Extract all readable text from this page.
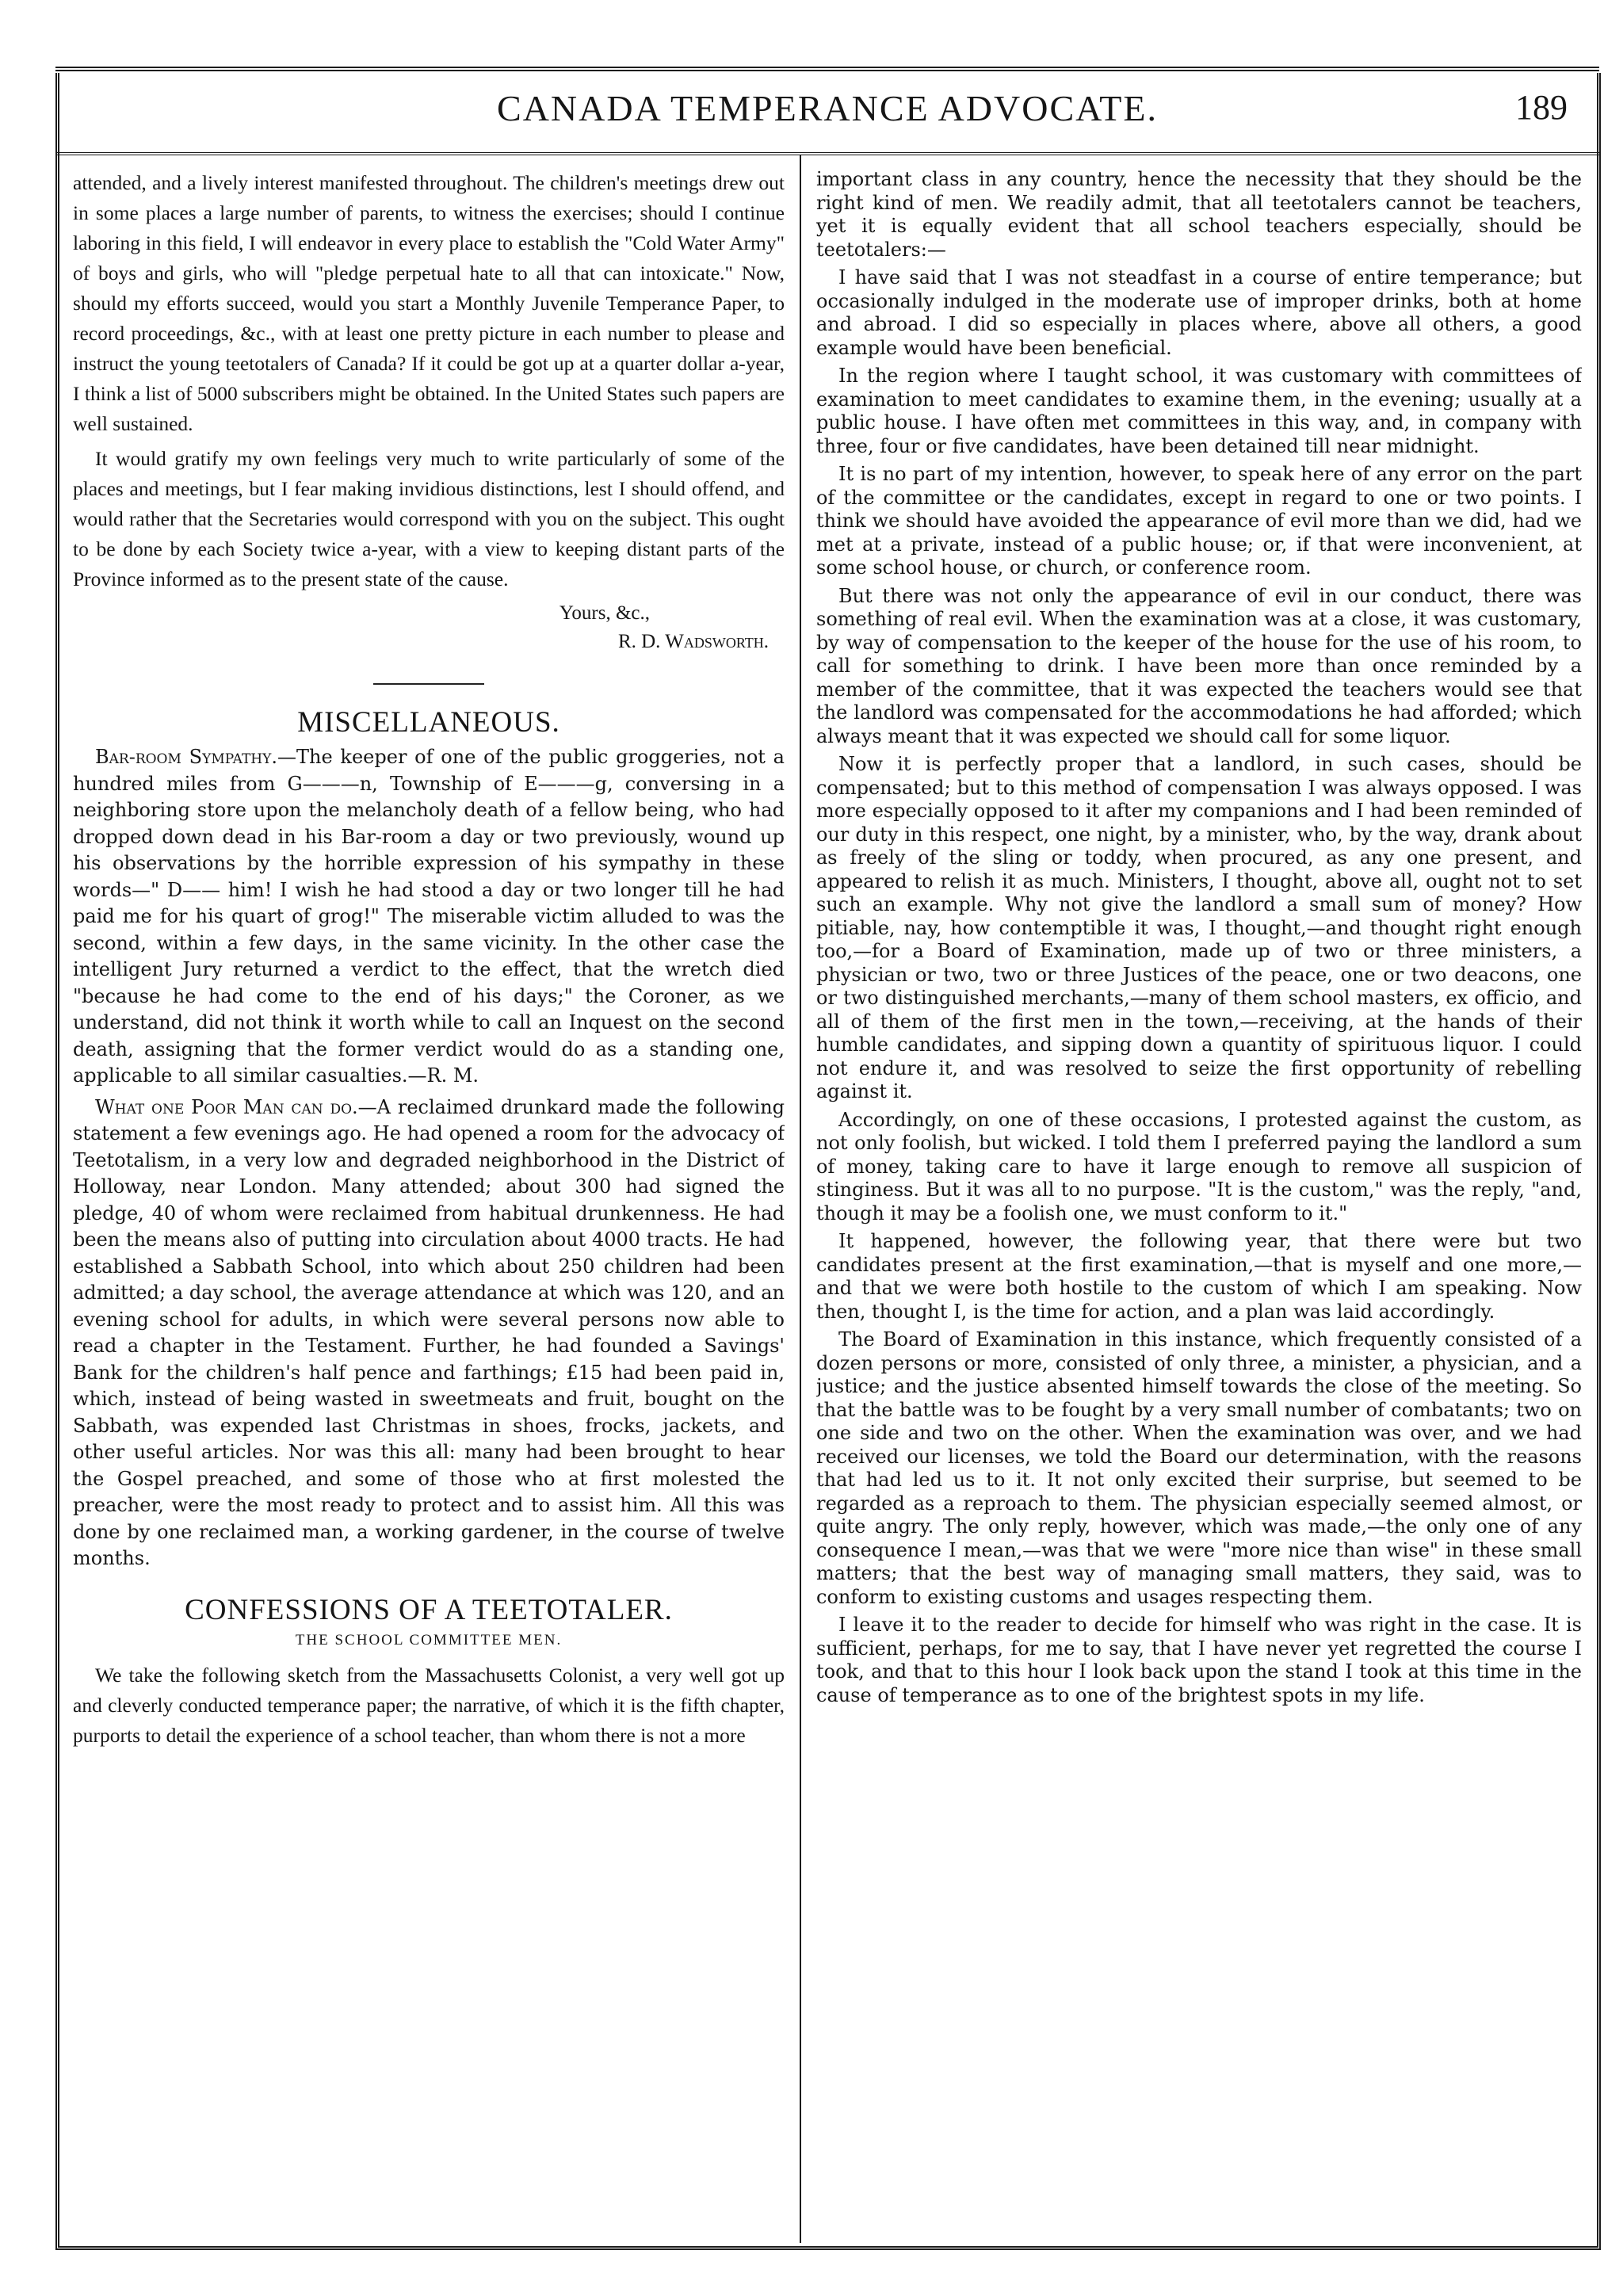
CANADA TEMPERANCE ADVOCATE.	189

attended, and a lively interest manifested throughout. The children's meetings drew out in some places a large number of parents, to witness the exercises; should I continue laboring in this field, I will endeavor in every place to establish the "Cold Water Army" of boys and girls, who will "pledge perpetual hate to all that can intoxicate." Now, should my efforts succeed, would you start a Monthly Juvenile Temperance Paper, to record proceedings, &c., with at least one pretty picture in each number to please and instruct the young teetotalers of Canada? If it could be got up at a quarter dollar a-year, I think a list of 5000 subscribers might be obtained. In the United States such papers are well sustained.

It would gratify my own feelings very much to write particularly of some of the places and meetings, but I fear making invidious distinctions, lest I should offend, and would rather that the Secretaries would correspond with you on the subject. This ought to be done by each Society twice a-year, with a view to keeping distant parts of the Province informed as to the present state of the cause.

Yours, &c.,
R. D. Wadsworth.
MISCELLANEOUS.

Bar-room Sympathy.—The keeper of one of the public groggeries, not a hundred miles from G———n, Township of E———g, conversing in a neighboring store upon the melancholy death of a fellow being, who had dropped down dead in his Bar-room a day or two previously, wound up his observations by the horrible expression of his sympathy in these words—" D—— him! I wish he had stood a day or two longer till he had paid me for his quart of grog!" The miserable victim alluded to was the second, within a few days, in the same vicinity. In the other case the intelligent Jury returned a verdict to the effect, that the wretch died "because he had come to the end of his days;" the Coroner, as we understand, did not think it worth while to call an Inquest on the second death, assigning that the former verdict would do as a standing one, applicable to all similar casualties.—R. M.

What one Poor Man can do.—A reclaimed drunkard made the following statement a few evenings ago. He had opened a room for the advocacy of Teetotalism, in a very low and degraded neighborhood in the District of Holloway, near London. Many attended; about 300 had signed the pledge, 40 of whom were reclaimed from habitual drunkenness. He had been the means also of putting into circulation about 4000 tracts. He had established a Sabbath School, into which about 250 children had been admitted; a day school, the average attendance at which was 120, and an evening school for adults, in which were several persons now able to read a chapter in the Testament. Further, he had founded a Savings' Bank for the children's half pence and farthings; £15 had been paid in, which, instead of being wasted in sweetmeats and fruit, bought on the Sabbath, was expended last Christmas in shoes, frocks, jackets, and other useful articles. Nor was this all: many had been brought to hear the Gospel preached, and some of those who at first molested the preacher, were the most ready to protect and to assist him. All this was done by one reclaimed man, a working gardener, in the course of twelve months.

CONFESSIONS OF A TEETOTALER.
THE SCHOOL COMMITTEE MEN.

We take the following sketch from the Massachusetts Colonist, a very well got up and cleverly conducted temperance paper; the narrative, of which it is the fifth chapter, purports to detail the experience of a school teacher, than whom there is not a more

important class in any country, hence the necessity that they should be the right kind of men. We readily admit, that all teetotalers cannot be teachers, yet it is equally evident that all school teachers especially, should be teetotalers:—

I have said that I was not steadfast in a course of entire temperance; but occasionally indulged in the moderate use of improper drinks, both at home and abroad. I did so especially in places where, above all others, a good example would have been beneficial.

In the region where I taught school, it was customary with committees of examination to meet candidates to examine them, in the evening; usually at a public house. I have often met committees in this way, and, in company with three, four or five candidates, have been detained till near midnight.

It is no part of my intention, however, to speak here of any error on the part of the committee or the candidates, except in regard to one or two points. I think we should have avoided the appearance of evil more than we did, had we met at a private, instead of a public house; or, if that were inconvenient, at some school house, or church, or conference room.

But there was not only the appearance of evil in our conduct, there was something of real evil. When the examination was at a close, it was customary, by way of compensation to the keeper of the house for the use of his room, to call for something to drink. I have been more than once reminded by a member of the committee, that it was expected the teachers would see that the landlord was compensated for the accommodations he had afforded; which always meant that it was expected we should call for some liquor.

Now it is perfectly proper that a landlord, in such cases, should be compensated; but to this method of compensation I was always opposed. I was more especially opposed to it after my companions and I had been reminded of our duty in this respect, one night, by a minister, who, by the way, drank about as freely of the sling or toddy, when procured, as any one present, and appeared to relish it as much. Ministers, I thought, above all, ought not to set such an example. Why not give the landlord a small sum of money? How pitiable, nay, how contemptible it was, I thought,—and thought right enough too,—for a Board of Examination, made up of two or three ministers, a physician or two, two or three Justices of the peace, one or two deacons, one or two distinguished merchants,—many of them school masters, ex officio, and all of them of the first men in the town,—receiving, at the hands of their humble candidates, and sipping down a quantity of spirituous liquor. I could not endure it, and was resolved to seize the first opportunity of rebelling against it.

Accordingly, on one of these occasions, I protested against the custom, as not only foolish, but wicked. I told them I preferred paying the landlord a sum of money, taking care to have it large enough to remove all suspicion of stinginess. But it was all to no purpose. "It is the custom," was the reply, "and, though it may be a foolish one, we must conform to it."

It happened, however, the following year, that there were but two candidates present at the first examination,—that is myself and one more,—and that we were both hostile to the custom of which I am speaking. Now then, thought I, is the time for action, and a plan was laid accordingly.

The Board of Examination in this instance, which frequently consisted of a dozen persons or more, consisted of only three, a minister, a physician, and a justice; and the justice absented himself towards the close of the meeting. So that the battle was to be fought by a very small number of combatants; two on one side and two on the other. When the examination was over, and we had received our licenses, we told the Board our determination, with the reasons that had led us to it. It not only excited their surprise, but seemed to be regarded as a reproach to them. The physician especially seemed almost, or quite angry. The only reply, however, which was made,—the only one of any consequence I mean,—was that we were "more nice than wise" in these small matters; that the best way of managing small matters, they said, was to conform to existing customs and usages respecting them.

I leave it to the reader to decide for himself who was right in the case. It is sufficient, perhaps, for me to say, that I have never yet regretted the course I took, and that to this hour I look back upon the stand I took at this time in the cause of temperance as to one of the brightest spots in my life.
